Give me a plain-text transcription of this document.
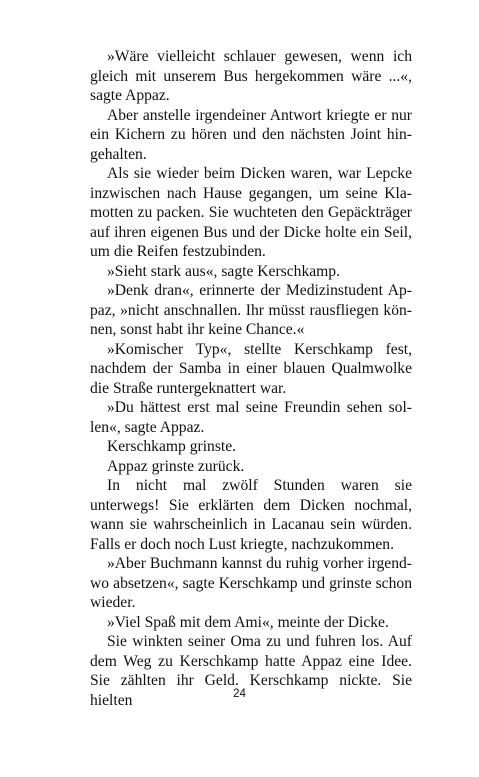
»Wäre vielleicht schlauer gewesen, wenn ich gleich mit unserem Bus hergekommen wäre ...«, sagte Appaz.

Aber anstelle irgendeiner Antwort kriegte er nur ein Kichern zu hören und den nächsten Joint hingehalten.

Als sie wieder beim Dicken waren, war Lepcke inzwischen nach Hause gegangen, um seine Klamotten zu packen. Sie wuchteten den Gepäckträger auf ihren eigenen Bus und der Dicke holte ein Seil, um die Reifen festzubinden.

»Sieht stark aus«, sagte Kerschkamp.

»Denk dran«, erinnerte der Medizinstudent Appaz, »nicht anschnallen. Ihr müsst rausfliegen können, sonst habt ihr keine Chance.«

»Komischer Typ«, stellte Kerschkamp fest, nachdem der Samba in einer blauen Qualmwolke die Straße runtergeknattert war.

»Du hättest erst mal seine Freundin sehen sollen«, sagte Appaz.

Kerschkamp grinste.

Appaz grinste zurück.

In nicht mal zwölf Stunden waren sie unterwegs! Sie erklärten dem Dicken nochmal, wann sie wahrscheinlich in Lacanau sein würden. Falls er doch noch Lust kriegte, nachzukommen.

»Aber Buchmann kannst du ruhig vorher irgendwo absetzen«, sagte Kerschkamp und grinste schon wieder.

»Viel Spaß mit dem Ami«, meinte der Dicke.

Sie winkten seiner Oma zu und fuhren los. Auf dem Weg zu Kerschkamp hatte Appaz eine Idee. Sie zählten ihr Geld. Kerschkamp nickte. Sie hielten	24
